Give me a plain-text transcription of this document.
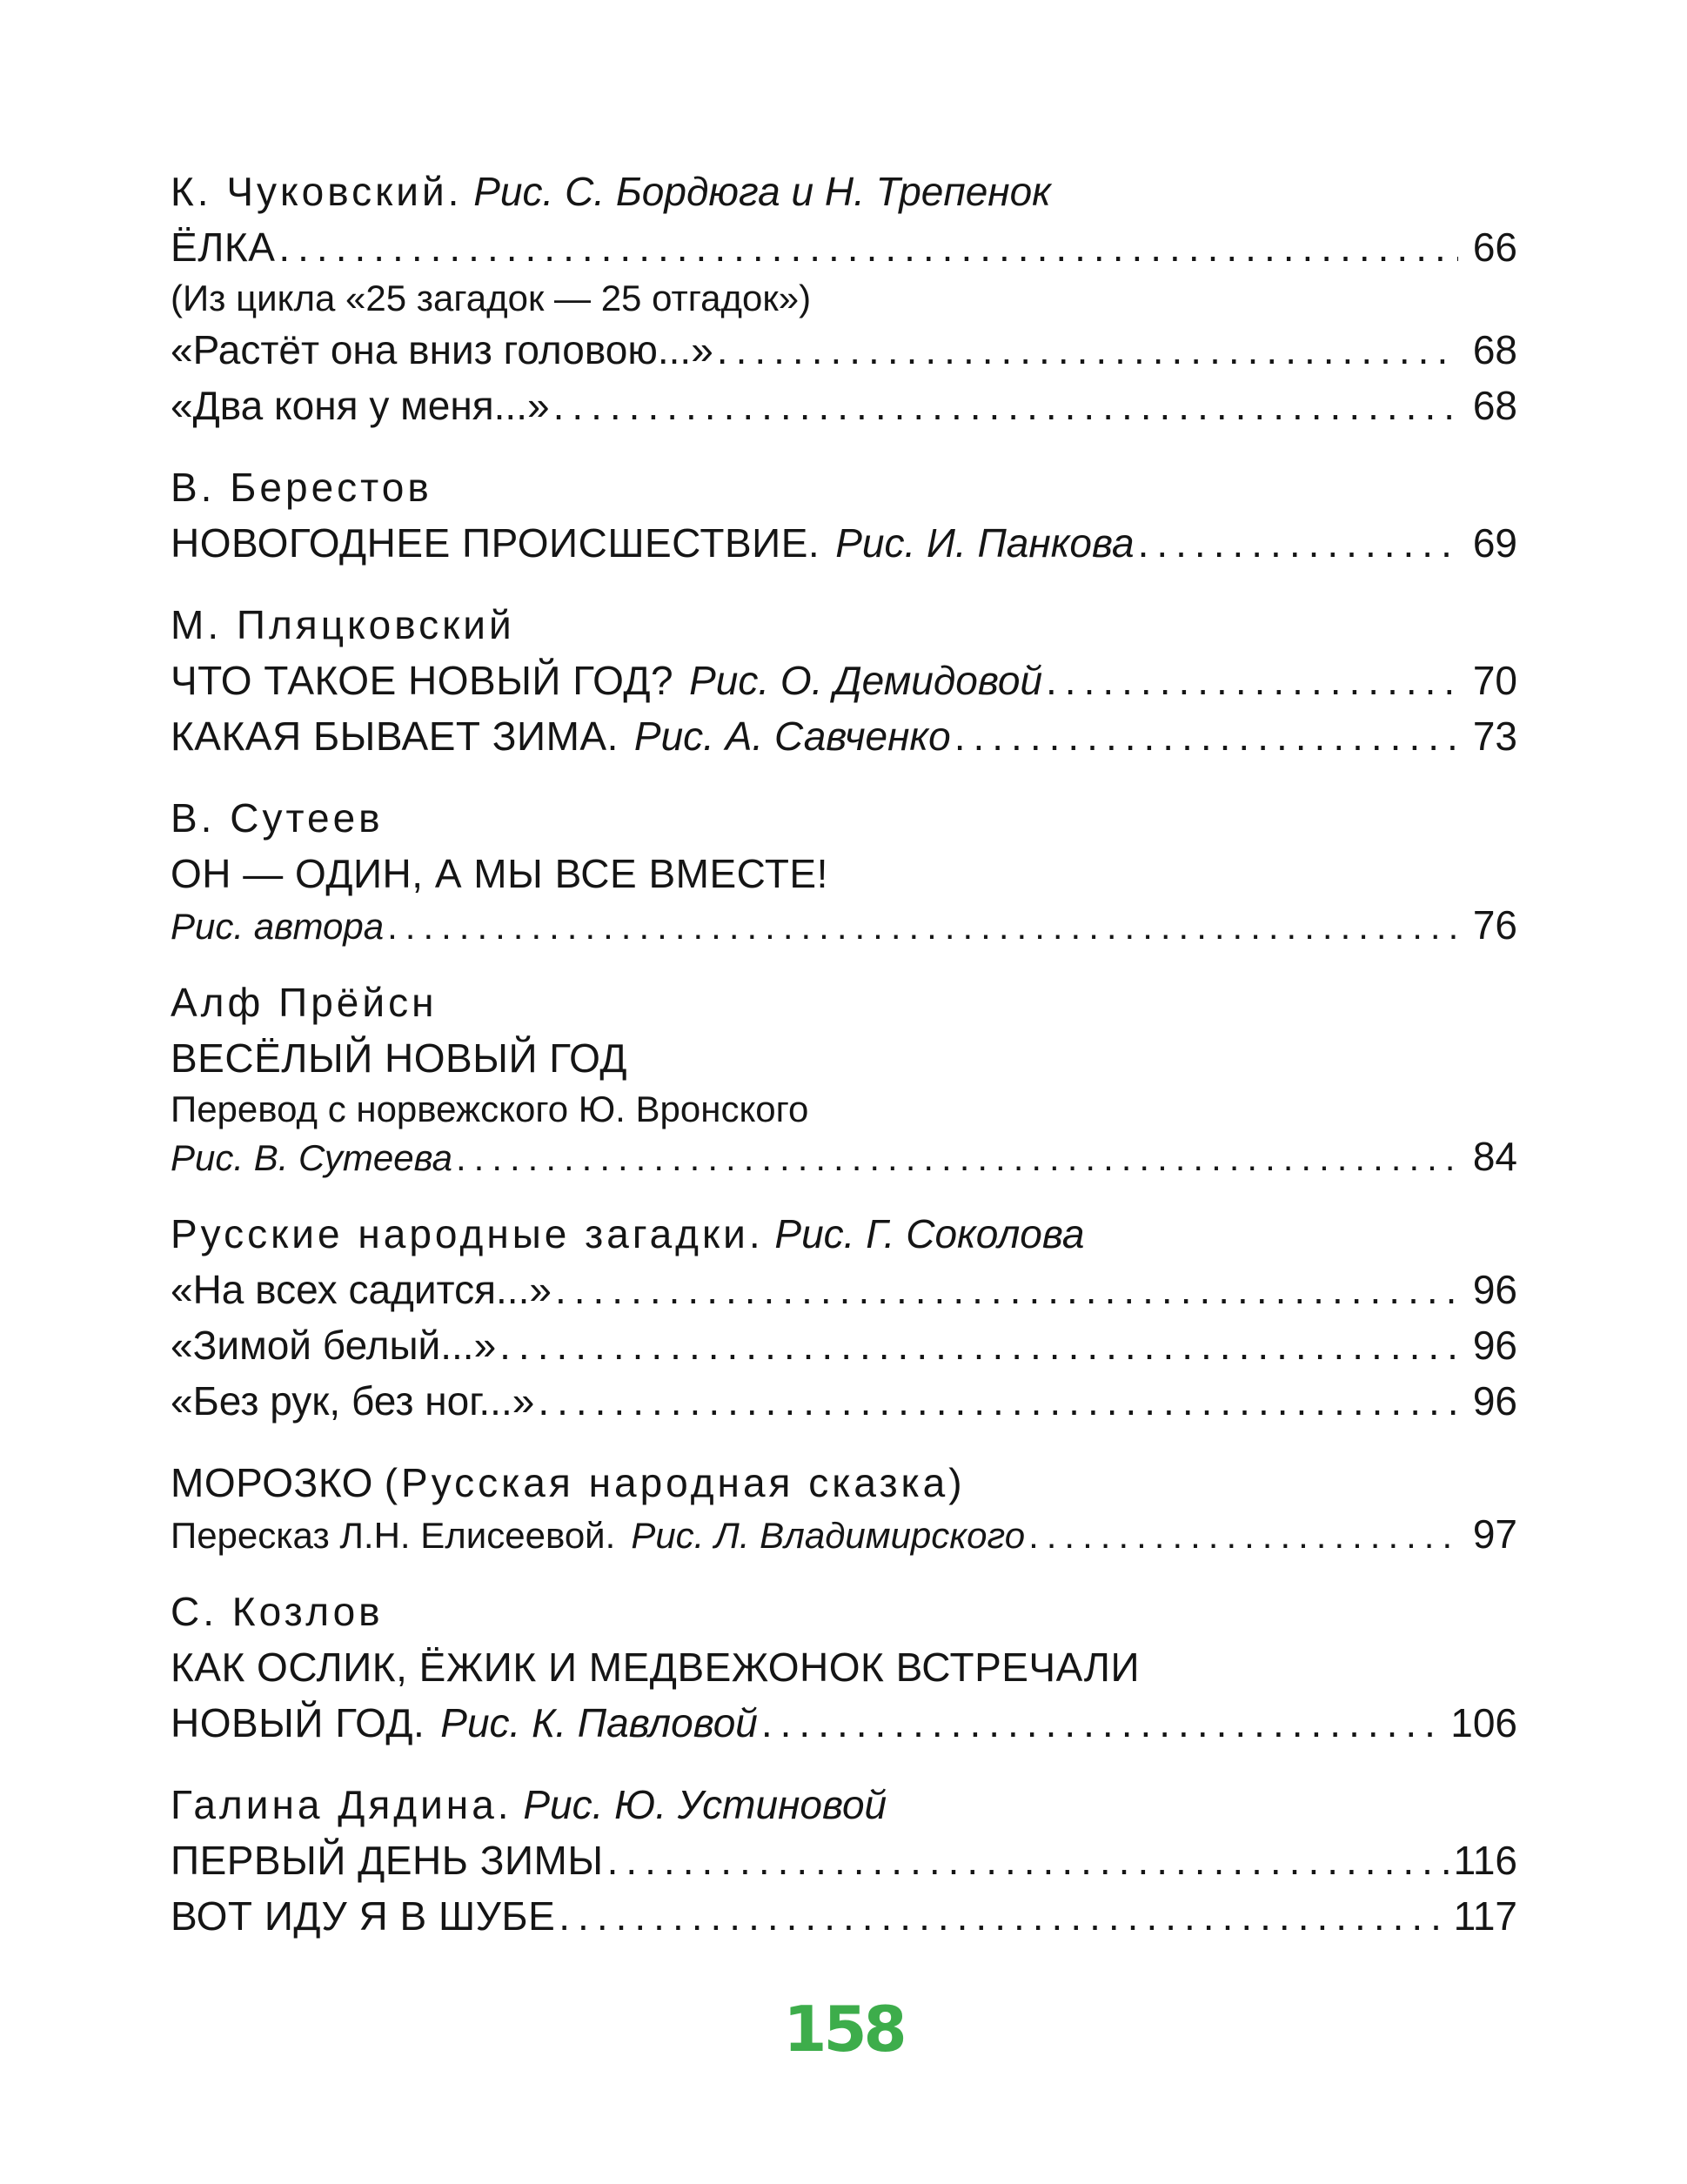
К. Чуковский. Рис. С. Бордюга и Н. Трепенок
ЁЛКА .....	66
(Из цикла «25 загадок — 25 отгадок»)
«Растёт она вниз головою...» .....	68
«Два коня у меня...» .....	68
В. Берестов
НОВОГОДНЕЕ ПРОИСШЕСТВИЕ. Рис. И. Панкова .....	69
М. Пляцковский
ЧТО ТАКОЕ НОВЫЙ ГОД? Рис. О. Демидовой .....	70
КАКАЯ БЫВАЕТ ЗИМА. Рис. А. Савченко .....	73
В. Сутеев
ОН — ОДИН, А МЫ ВСЕ ВМЕСТЕ!
Рис. автора .....	76
Алф Прёйсн
ВЕСЁЛЫЙ НОВЫЙ ГОД
Перевод с норвежского Ю. Вронского
Рис. В. Сутеева .....	84
Русские народные загадки. Рис. Г. Соколова
«На всех садится...» .....	96
«Зимой белый...» .....	96
«Без рук, без ног...» .....	96
МОРОЗКО (Русская народная сказка)
Пересказ Л.Н. Елисеевой. Рис. Л. Владимирского .....	97
С. Козлов
КАК ОСЛИК, ЁЖИК И МЕДВЕЖОНОК ВСТРЕЧАЛИ
НОВЫЙ ГОД. Рис. К. Павловой .....	106
Галина Дядина. Рис. Ю. Устиновой
ПЕРВЫЙ ДЕНЬ ЗИМЫ .....	116
ВОТ ИДУ Я В ШУБЕ .....	117
158
